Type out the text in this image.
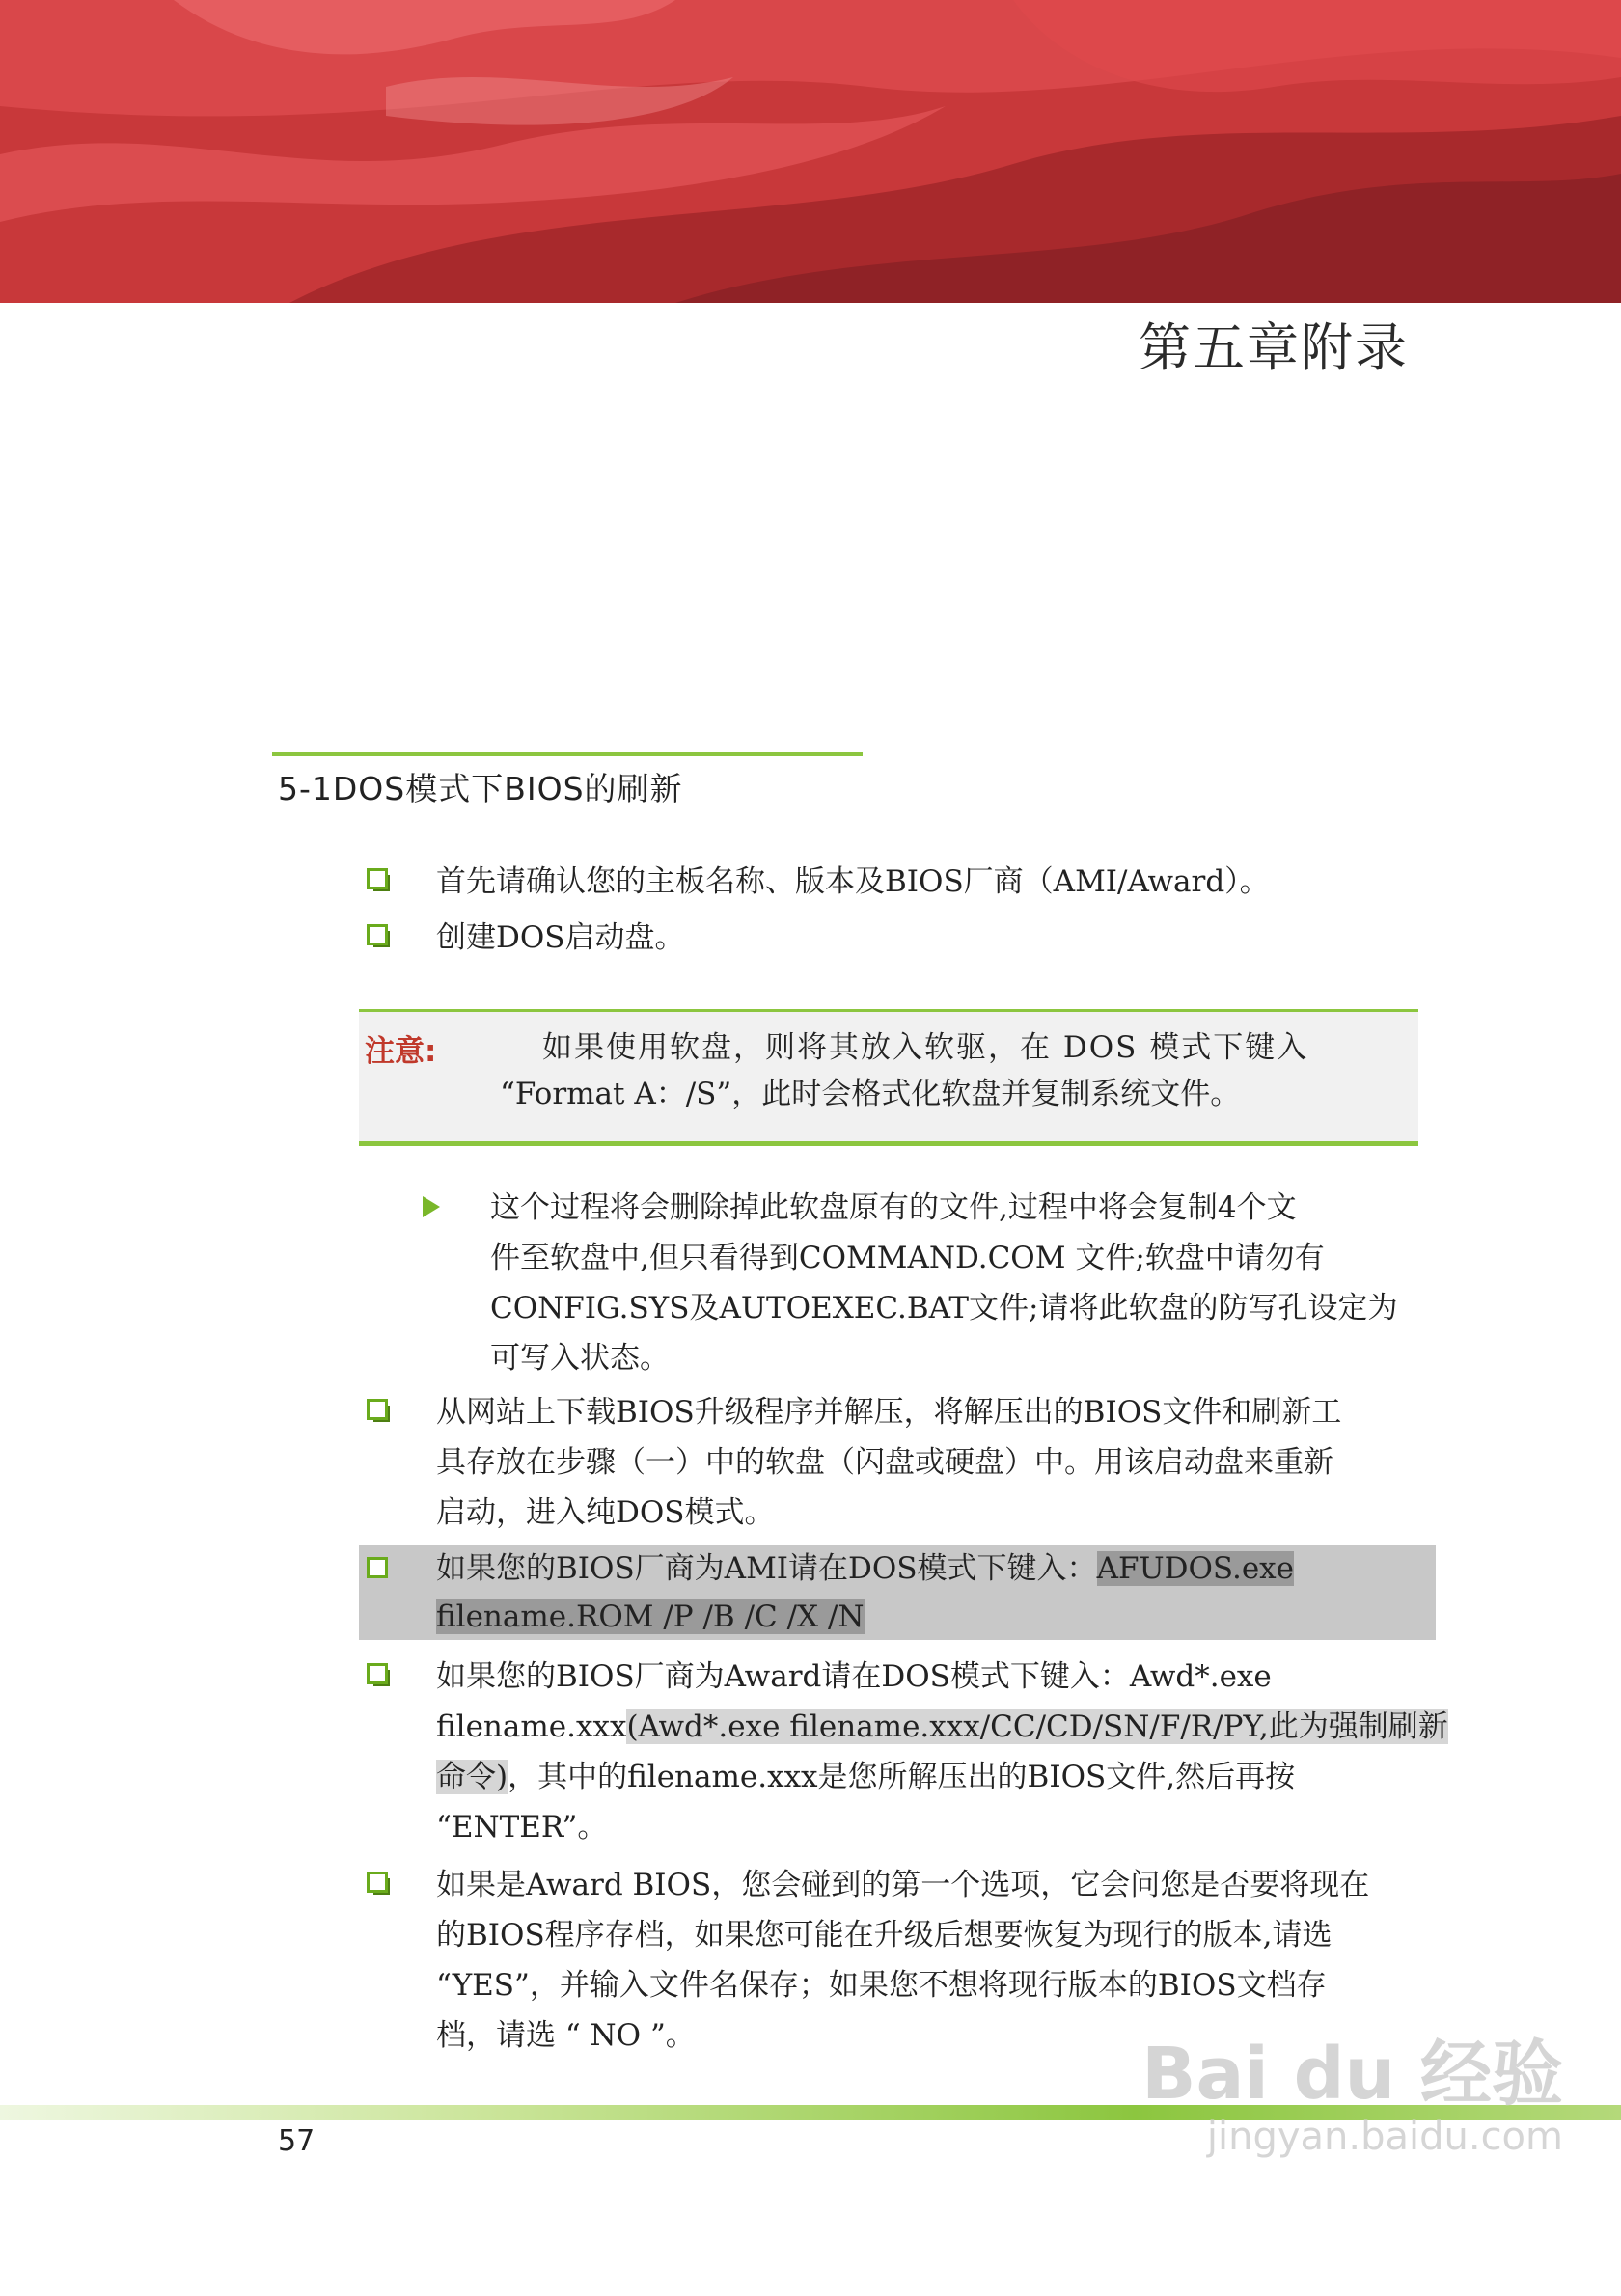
第五章附录
5-1DOS模式下BIOS的刷新
首先请确认您的主板名称、版本及BIOS厂商（AMI/Award）。
创建DOS启动盘。
注意:	如果使用软盘，则将其放入软驱，在 DOS 模式下键入
“Format A：/S”，此时会格式化软盘并复制系统文件。
这个过程将会删除掉此软盘原有的文件,过程中将会复制4个文
件至软盘中,但只看得到COMMAND.COM 文件;软盘中请勿有
CONFIG.SYS及AUTOEXEC.BAT文件;请将此软盘的防写孔设定为
可写入状态。
从网站上下载BIOS升级程序并解压，将解压出的BIOS文件和刷新工
具存放在步骤（一）中的软盘（闪盘或硬盘）中。用该启动盘来重新
启动，进入纯DOS模式。
如果您的BIOS厂商为AMI请在DOS模式下键入：AFUDOS.exe
filename.ROM /P /B /C /X /N
如果您的BIOS厂商为Award请在DOS模式下键入：Awd*.exe
filename.xxx(Awd*.exe filename.xxx/CC/CD/SN/F/R/PY,此为强制刷新
命令)，其中的filename.xxx是您所解压出的BIOS文件,然后再按
“ENTER”。
如果是Award BIOS，您会碰到的第一个选项，它会问您是否要将现在
的BIOS程序存档，如果您可能在升级后想要恢复为现行的版本,请选
“YES”，并输入文件名保存；如果您不想将现行版本的BIOS文档存
档，请选 “ NO ”。
57
Bai du 经验
jingyan.baidu.com
